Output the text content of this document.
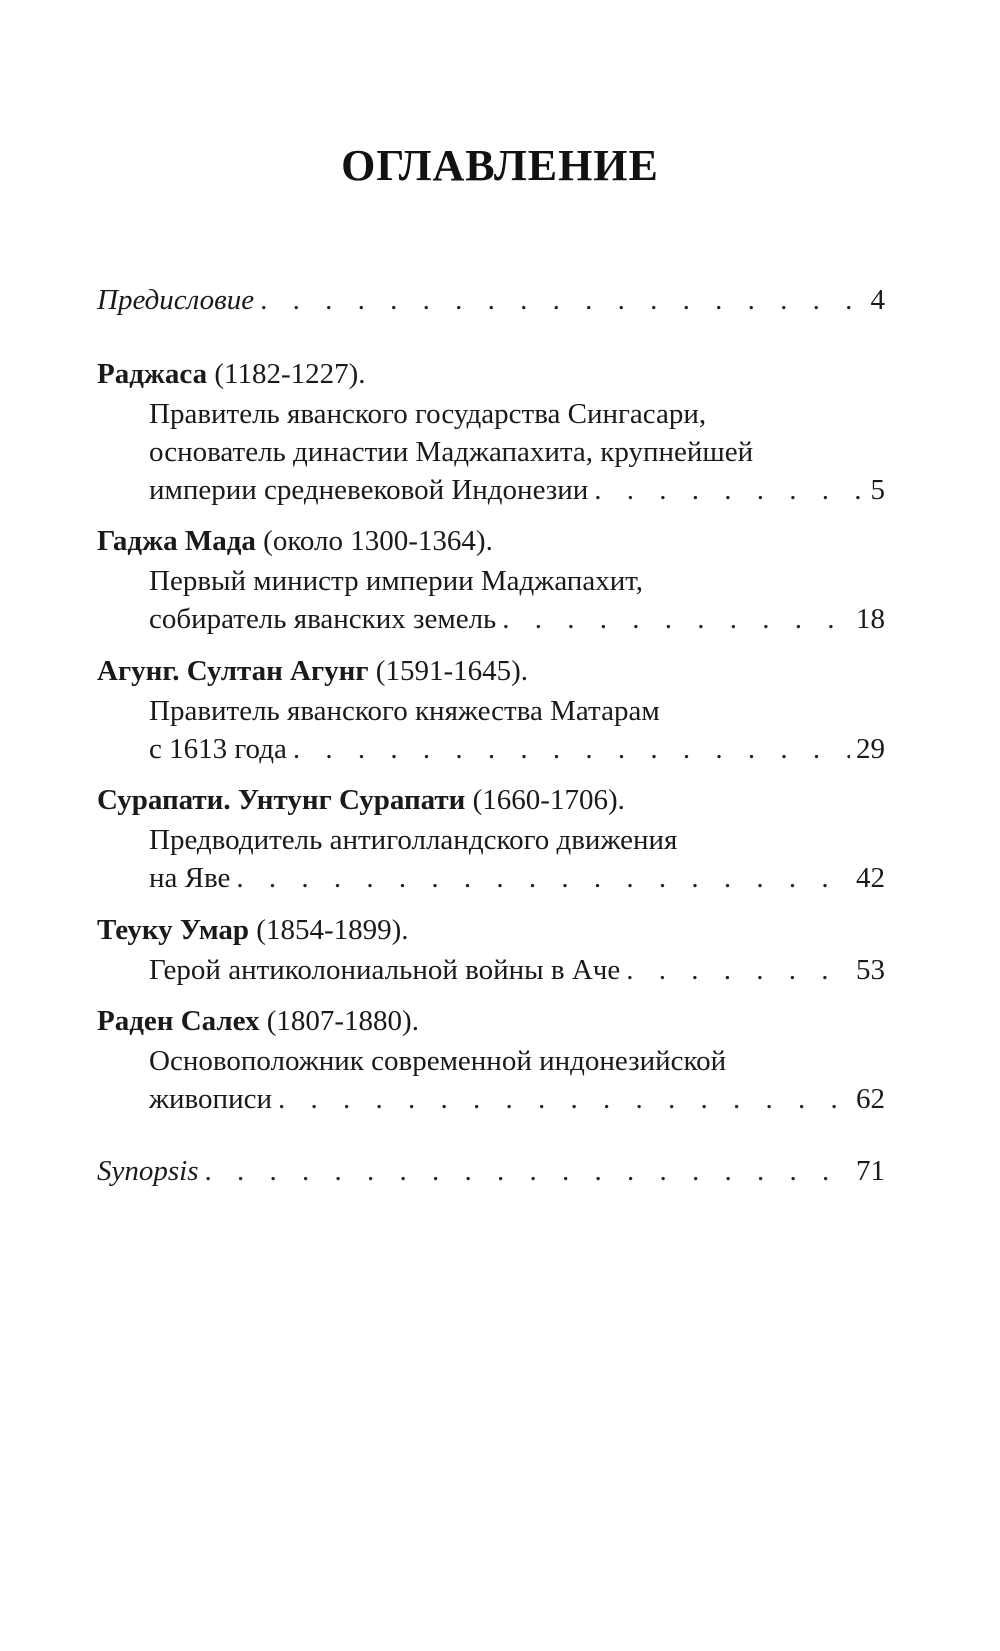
ОГЛАВЛЕНИЕ
Предисловие . . .	4
Раджаса (1182-1227).
Правитель яванского государства Сингасари,
основатель династии Маджапахита, крупнейшей
империи средневековой Индонезии . . .	5
Гаджа Мада (около 1300-1364).
Первый министр империи Маджапахит,
собиратель яванских земель . . .	18
Агунг. Султан Агунг (1591-1645).
Правитель яванского княжества Матарам
с 1613 года . . .	29
Сурапати. Унтунг Сурапати (1660-1706).
Предводитель антиголландского движения
на Яве . . .	42
Теуку Умар (1854-1899).
Герой антиколониальной войны в Аче . . .	53
Раден Салех (1807-1880).
Основоположник современной индонезийской
живописи . . .	62
Synopsis . . .	71
